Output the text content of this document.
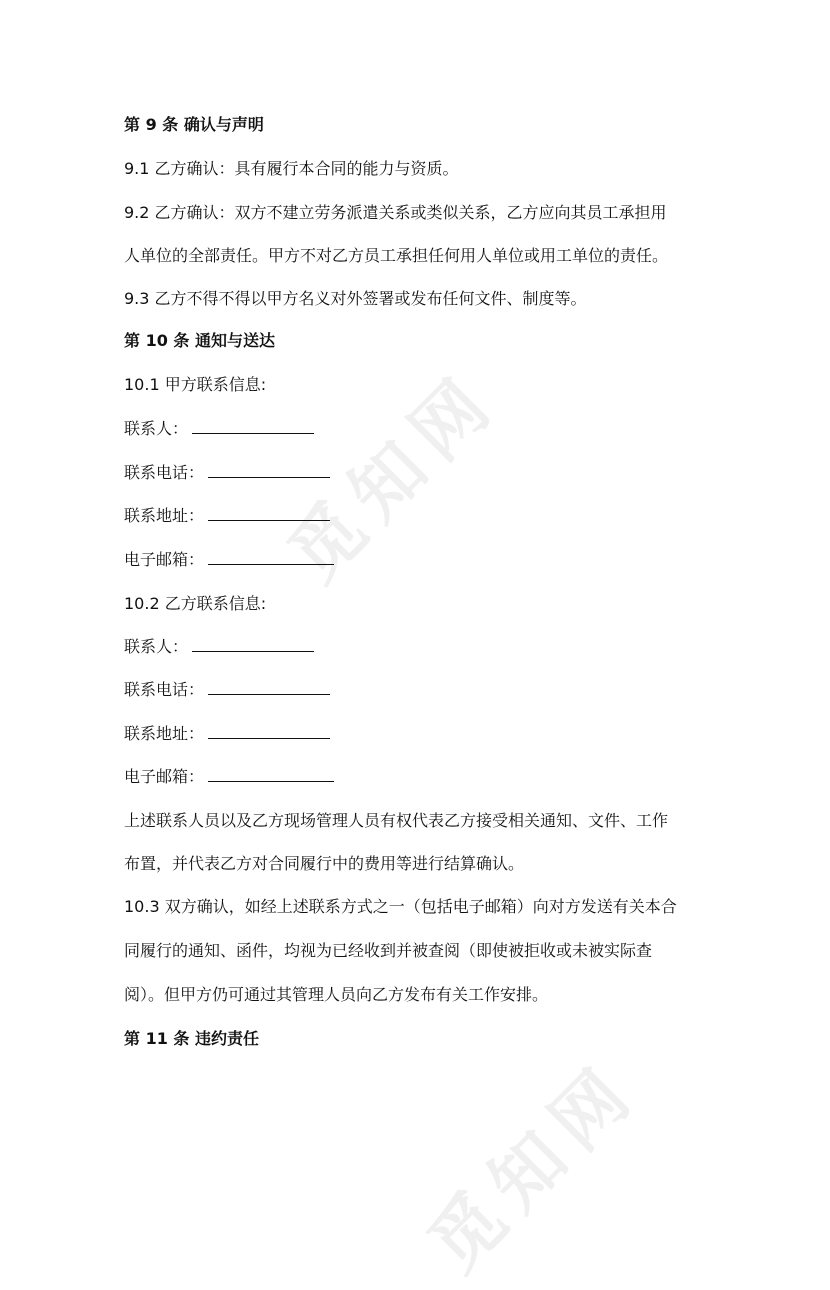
觅知网
觅知网
第 9 条 确认与声明
9.1 乙方确认：具有履行本合同的能力与资质。
9.2 乙方确认：双方不建立劳务派遣关系或类似关系，乙方应向其员工承担用
人单位的全部责任。甲方不对乙方员工承担任何用人单位或用工单位的责任。
9.3 乙方不得不得以甲方名义对外签署或发布任何文件、制度等。
第 10 条 通知与送达
10.1 甲方联系信息:
联系人：
联系电话：
联系地址：
电子邮箱：
10.2 乙方联系信息:
联系人：
联系电话：
联系地址：
电子邮箱：
上述联系人员以及乙方现场管理人员有权代表乙方接受相关通知、文件、工作
布置，并代表乙方对合同履行中的费用等进行结算确认。
10.3 双方确认，如经上述联系方式之一（包括电子邮箱）向对方发送有关本合
同履行的通知、函件，均视为已经收到并被查阅（即使被拒收或未被实际查
阅）。但甲方仍可通过其管理人员向乙方发布有关工作安排。
第 11 条 违约责任
